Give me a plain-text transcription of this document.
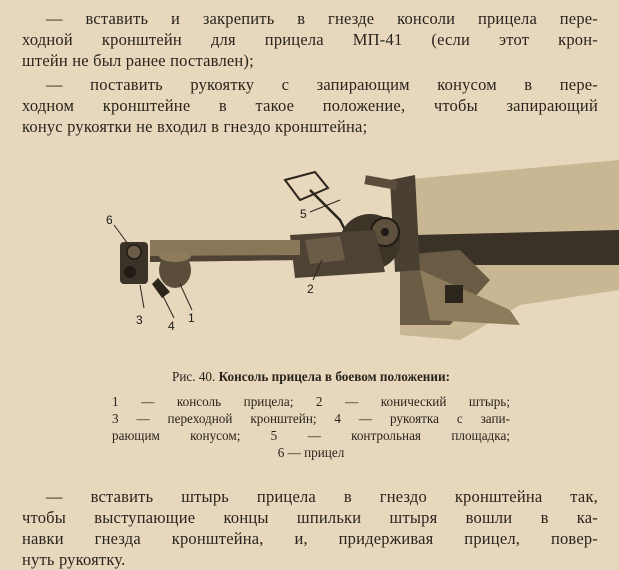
— вставить и закрепить в гнезде консоли прицела пере-
ходной кронштейн для прицела МП-41 (если этот крон-
штейн не был ранее поставлен);
— поставить рукоятку с запирающим конусом в пере-
ходном кронштейне в такое положение, чтобы запирающий
конус рукоятки не входил в гнездо кронштейна;
6
3 4
1
2
5
Рис. 40. Консоль прицела в боевом положении:
1 — консоль прицела; 2 — конический штырь;
3 — переходной кронштейн; 4 — рукоятка с запи-
рающим конусом; 5 — контрольная площадка;
6 — прицел
— вставить штырь прицела в гнездо кронштейна так,
чтобы выступающие концы шпильки штыря вошли в ка-
навки гнезда кронштейна, и, придерживая прицел, повер-
нуть рукоятку.
